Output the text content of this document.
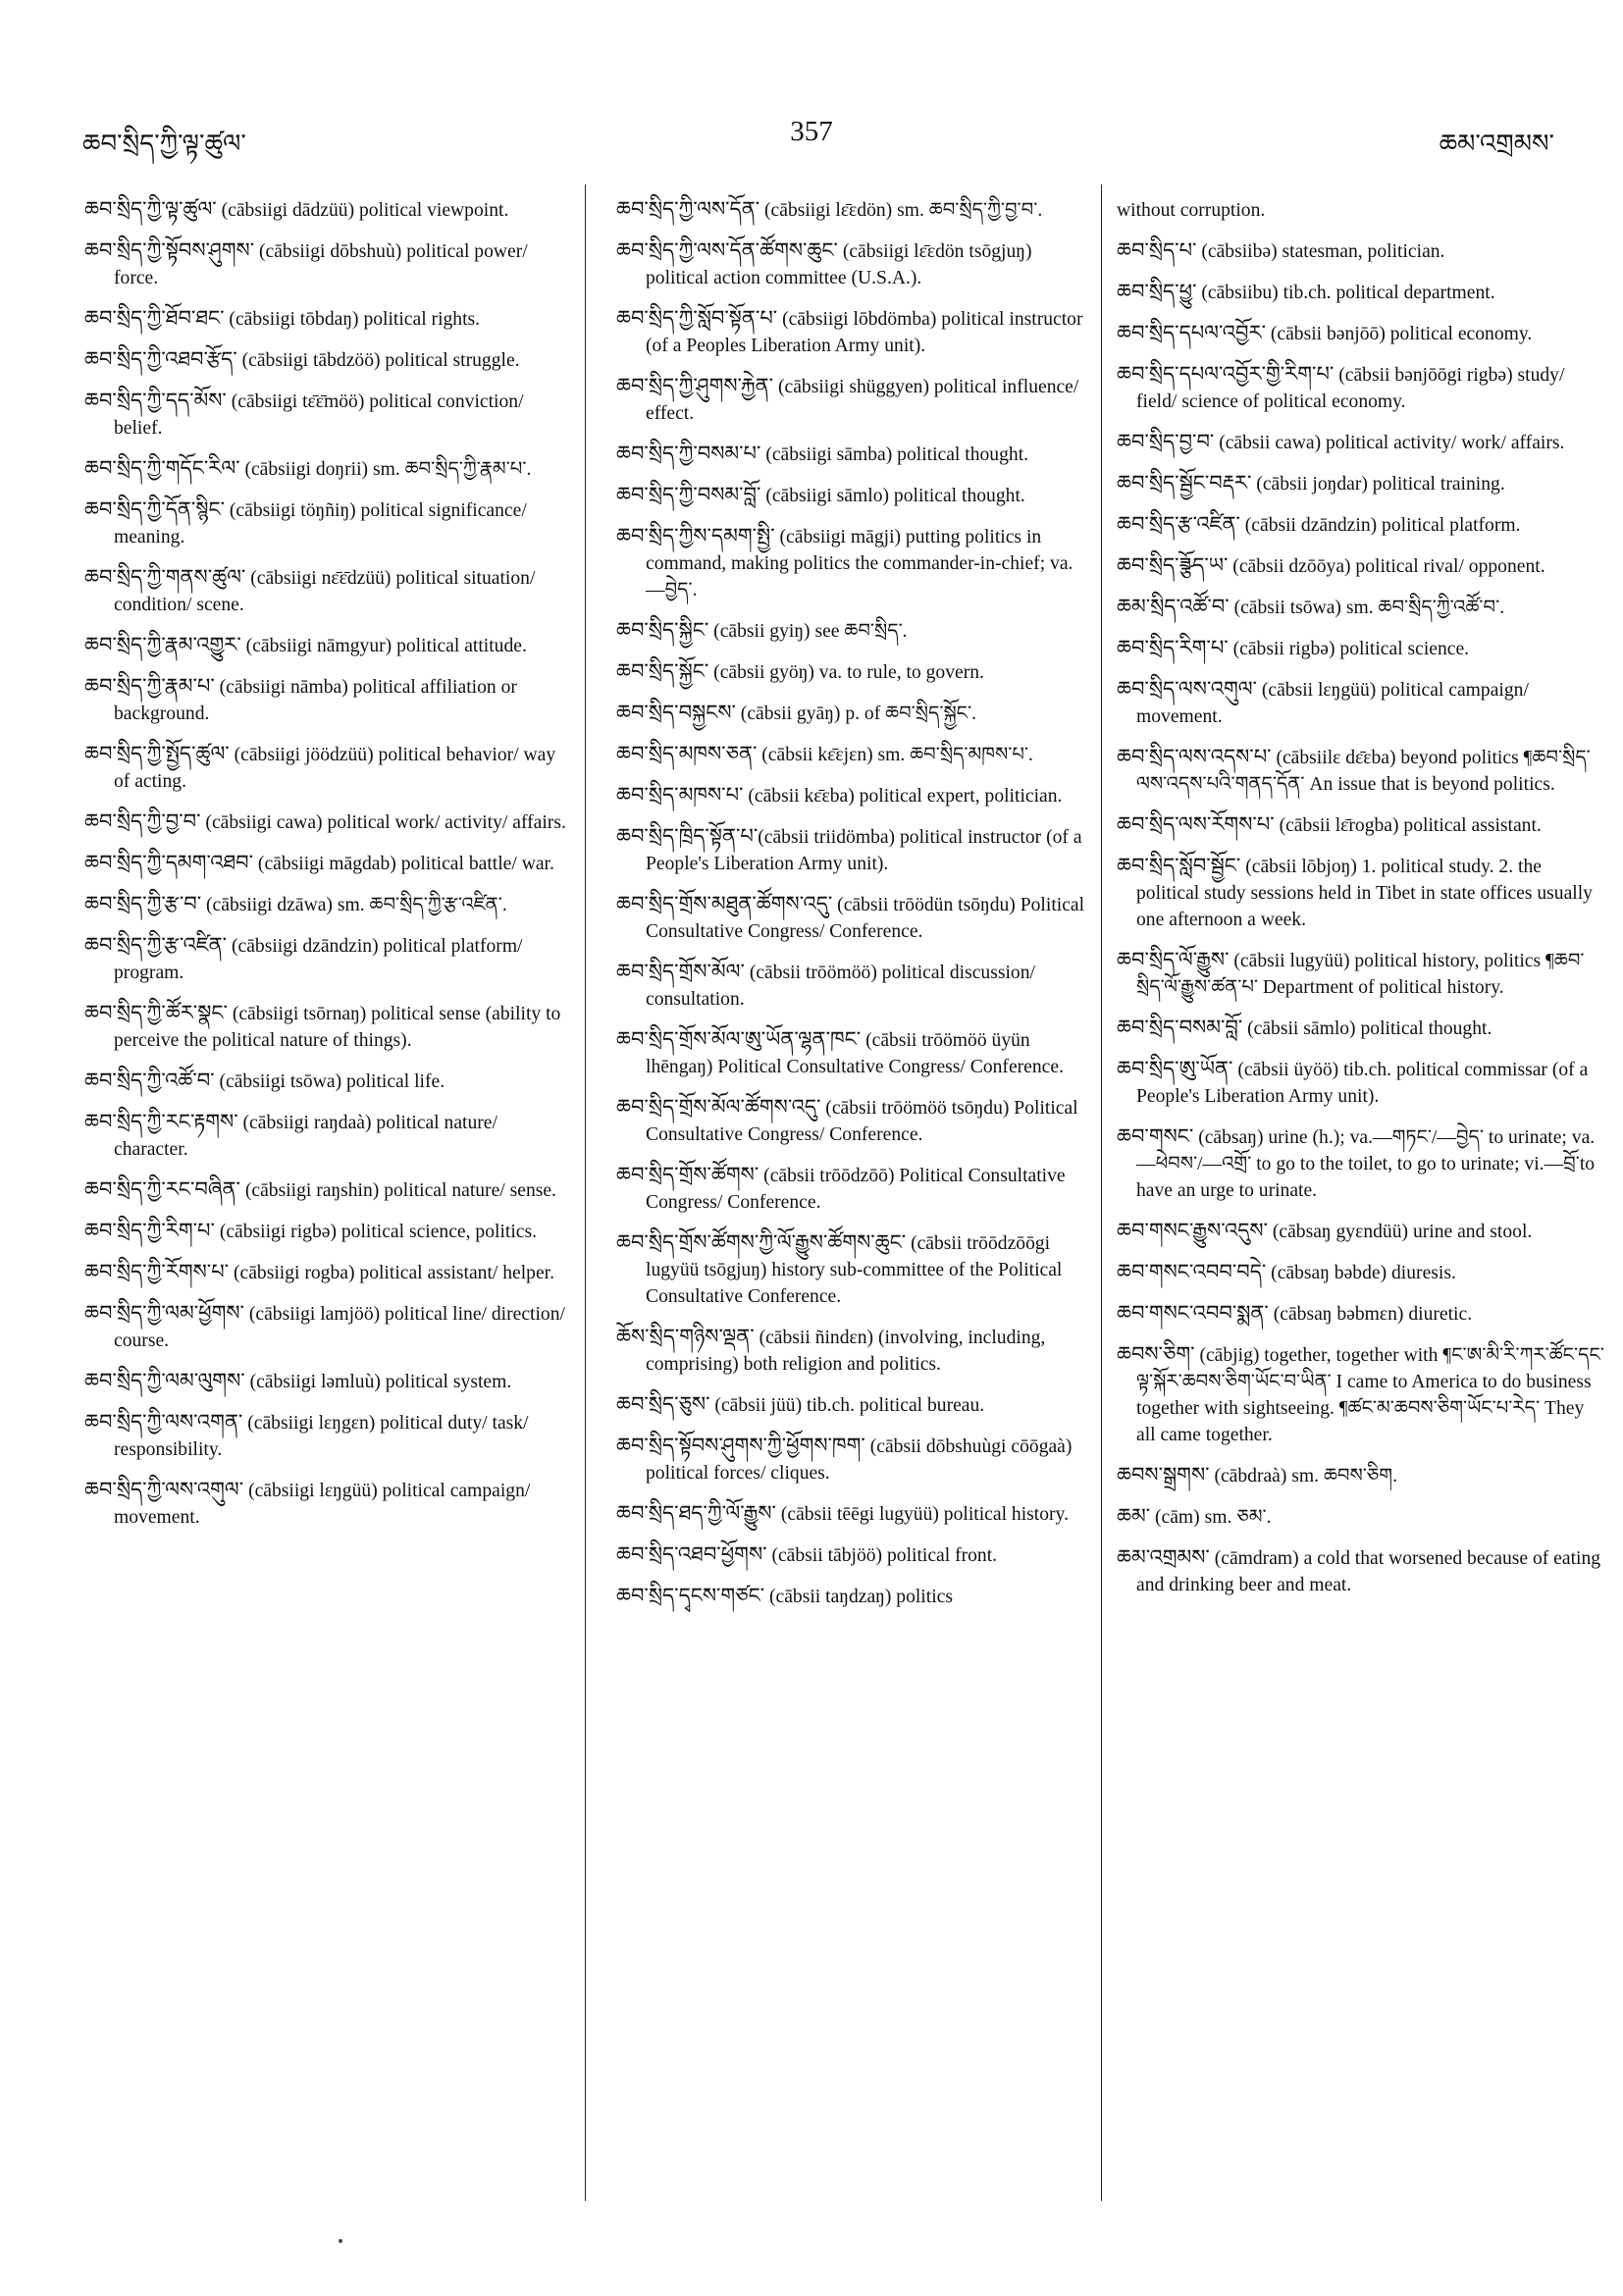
ཆབ་སྲིད་ཀྱི་ལྟ་ཚུལ་	357	ཆམ་འགྲམས་

ཆབ་སྲིད་ཀྱི་ལྟ་ཚུལ་ (cābsiigi dādzüü) political viewpoint.

ཆབ་སྲིད་ཀྱི་སྟོབས་ཤུགས་ (cābsiigi dōbshuù) political power/ force.

ཆབ་སྲིད་ཀྱི་ཐོབ་ཐང་ (cābsiigi tōbdaŋ) political rights.

ཆབ་སྲིད་ཀྱི་འཐབ་རྩོད་ (cābsiigi tābdzöö) political struggle.

ཆབ་སྲིད་ཀྱི་དད་མོས་ (cābsiigi tɛ̄ɛ̄möö) political conviction/ belief.

ཆབ་སྲིད་ཀྱི་གདོང་རིལ་ (cābsiigi doŋrii) sm. ཆབ་སྲིད་ཀྱི་རྣམ་པ་.

ཆབ་སྲིད་ཀྱི་དོན་སྙིང་ (cābsiigi töŋñiŋ) political significance/ meaning.

ཆབ་སྲིད་ཀྱི་གནས་ཚུལ་ (cābsiigi nɛ̄ɛ̄dzüü) political situation/ condition/ scene.

ཆབ་སྲིད་ཀྱི་རྣམ་འགྱུར་ (cābsiigi nāmgyur) political attitude.

ཆབ་སྲིད་ཀྱི་རྣམ་པ་ (cābsiigi nāmba) political affiliation or background.

ཆབ་སྲིད་ཀྱི་སྤྱོད་ཚུལ་ (cābsiigi jöödzüü) political behavior/ way of acting.

ཆབ་སྲིད་ཀྱི་བྱ་བ་ (cābsiigi cawa) political work/ activity/ affairs.

ཆབ་སྲིད་ཀྱི་དམག་འཐབ་ (cābsiigi māgdab) political battle/ war.

ཆབ་སྲིད་ཀྱི་རྩ་བ་ (cābsiigi dzāwa) sm. ཆབ་སྲིད་ཀྱི་རྩ་འཛིན་.

ཆབ་སྲིད་ཀྱི་རྩ་འཛིན་ (cābsiigi dzāndzin) political platform/ program.

ཆབ་སྲིད་ཀྱི་ཚོར་སྣང་ (cābsiigi tsōrnaŋ) political sense (ability to perceive the political nature of things).

ཆབ་སྲིད་ཀྱི་འཚོ་བ་ (cābsiigi tsōwa) political life.

ཆབ་སྲིད་ཀྱི་རང་རྟགས་ (cābsiigi raŋdaà) political nature/ character.

ཆབ་སྲིད་ཀྱི་རང་བཞིན་ (cābsiigi raŋshin) political nature/ sense.

ཆབ་སྲིད་ཀྱི་རིག་པ་ (cābsiigi rigbə) political science, politics.

ཆབ་སྲིད་ཀྱི་རོགས་པ་ (cābsiigi rogba) political assistant/ helper.

ཆབ་སྲིད་ཀྱི་ལམ་ཕྱོགས་ (cābsiigi lamjöö) political line/ direction/ course.

ཆབ་སྲིད་ཀྱི་ལམ་ལུགས་ (cābsiigi ləmluù) political system.

ཆབ་སྲིད་ཀྱི་ལས་འགན་ (cābsiigi lɛŋgɛn) political duty/ task/ responsibility.

ཆབ་སྲིད་ཀྱི་ལས་འགུལ་ (cābsiigi lɛŋgüü) political campaign/ movement.

ཆབ་སྲིད་ཀྱི་ལས་དོན་ (cābsiigi lɛ̄ɛdön) sm. ཆབ་སྲིད་ཀྱི་བྱ་བ་.

ཆབ་སྲིད་ཀྱི་ལས་དོན་ཚོགས་ཆུང་ (cābsiigi lɛ̄ɛdön tsōgjuŋ) political action committee (U.S.A.).

ཆབ་སྲིད་ཀྱི་སློབ་སྟོན་པ་ (cābsiigi lōbdömba) political instructor (of a Peoples Liberation Army unit).

ཆབ་སྲིད་ཀྱི་ཤུགས་རྐྱེན་ (cābsiigi shüggyen) political influence/ effect.

ཆབ་སྲིད་ཀྱི་བསམ་པ་ (cābsiigi sāmba) political thought.

ཆབ་སྲིད་ཀྱི་བསམ་བློ་ (cābsiigi sāmlo) political thought.

ཆབ་སྲིད་ཀྱིས་དམག་སྤྱི་ (cābsiigi māgji) putting politics in command, making politics the commander-in-chief; va.—བྱེད་.

ཆབ་སྲིད་སྐྱིང་ (cābsii gyiŋ) see ཆབ་སྲིད་.

ཆབ་སྲིད་སྐྱོང་ (cābsii gyöŋ) va. to rule, to govern.

ཆབ་སྲིད་བསྐྱངས་ (cābsii gyāŋ) p. of ཆབ་སྲིད་སྐྱོང་.

ཆབ་སྲིད་མཁས་ཅན་ (cābsii kɛ̄ɛjɛn) sm. ཆབ་སྲིད་མཁས་པ་.

ཆབ་སྲིད་མཁས་པ་ (cābsii kɛ̄ɛba) political expert, politician.

ཆབ་སྲིད་ཁྲིད་སྟོན་པ་(cābsii triidömba) political instructor (of a People's Liberation Army unit).

ཆབ་སྲིད་གྲོས་མཐུན་ཚོགས་འདུ་ (cābsii trōödün tsōŋdu) Political Consultative Congress/ Conference.

ཆབ་སྲིད་གྲོས་མོལ་ (cābsii trōömöö) political discussion/ consultation.

ཆབ་སྲིད་གྲོས་མོལ་ཨུ་ཡོན་ལྷན་ཁང་ (cābsii trōömöö üyün lhēngaŋ) Political Consultative Congress/ Conference.

ཆབ་སྲིད་གྲོས་མོལ་ཚོགས་འདུ་ (cābsii trōömöö tsōŋdu) Political Consultative Congress/ Conference.

ཆབ་སྲིད་གྲོས་ཚོགས་ (cābsii trōōdzōō) Political Consultative Congress/ Conference.

ཆབ་སྲིད་གྲོས་ཚོགས་ཀྱི་ལོ་རྒྱུས་ཚོགས་ཆུང་ (cābsii trōōdzōōgi lugyüü tsōgjuŋ) history sub-committee of the Political Consultative Conference.

ཆོས་སྲིད་གཉིས་ལྡན་ (cābsii ñindɛn) (involving, including, comprising) both religion and politics.

ཆབ་སྲིད་ཅུས་ (cābsii jüü) tib.ch. political bureau.

ཆབ་སྲིད་སྟོབས་ཤུགས་ཀྱི་ཕྱོགས་ཁག་ (cābsii dōbshuùgi cōōgaà) political forces/ cliques.

ཆབ་སྲིད་ཐད་ཀྱི་ལོ་རྒྱུས་ (cābsii tēēgi lugyüü) political history.

ཆབ་སྲིད་འཐབ་ཕྱོགས་ (cābsii tābjöö) political front.

ཆབ་སྲིད་དྭངས་གཙང་ (cābsii taŋdzaŋ) politics

without corruption.

ཆབ་སྲིད་པ་ (cābsiibə) statesman, politician.

ཆབ་སྲིད་ཕྱུ་ (cābsiibu) tib.ch. political department.

ཆབ་སྲིད་དཔལ་འབྱོར་ (cābsii bənjōō) political economy.

ཆབ་སྲིད་དཔལ་འབྱོར་གྱི་རིག་པ་ (cābsii bənjōōgi rigbə) study/ field/ science of political economy.

ཆབ་སྲིད་བྱ་བ་ (cābsii cawa) political activity/ work/ affairs.

ཆབ་སྲིད་སྦྱོང་བརྡར་ (cābsii joŋdar) political training.

ཆབ་སྲིད་རྩ་འཛིན་ (cābsii dzāndzin) political platform.

ཆབ་སྲིད་ཟྩོད་ཡ་ (cābsii dzōōya) political rival/ opponent.

ཆམ་སྲིད་འཚོ་བ་ (cābsii tsōwa) sm. ཆབ་སྲིད་ཀྱི་འཚོ་བ་.

ཆབ་སྲིད་རིག་པ་ (cābsii rigbə) political science.

ཆབ་སྲིད་ལས་འགུལ་ (cābsii lɛŋgüü) political campaign/ movement.

ཆབ་སྲིད་ལས་འདས་པ་ (cābsiilɛ dɛ̄ɛba) beyond politics ¶ཆབ་སྲིད་ལས་འདས་པའི་གནད་དོན་ An issue that is beyond politics.

ཆབ་སྲིད་ལས་རོགས་པ་ (cābsii lɛ̄rogba) political assistant.

ཆབ་སྲིད་སློབ་སྦྱོང་ (cābsii lōbjoŋ) 1. political study. 2. the political study sessions held in Tibet in state offices usually one afternoon a week.

ཆབ་སྲིད་ལོ་རྒྱུས་ (cābsii lugyüü) political history, politics ¶ཆབ་སྲིད་ལོ་རྒྱུས་ཚན་པ་ Department of political history.

ཆབ་སྲིད་བསམ་བློ་ (cābsii sāmlo) political thought.

ཆབ་སྲིད་ཨུ་ཡོན་ (cābsii üyöö) tib.ch. political commissar (of a People's Liberation Army unit).

ཆབ་གསང་ (cābsaŋ) urine (h.); va.—གཏང་/—བྱེད་ to urinate; va.—ཕེབས་/—འགྲོ་ to go to the toilet, to go to urinate; vi.—བྲོ་to have an urge to urinate.

ཆབ་གསང་རྒྱུས་འདུས་ (cābsaŋ gyɛndüü) urine and stool.

ཆབ་གསང་འབབ་བདེ་ (cābsaŋ bəbde) diuresis.

ཆབ་གསང་འབབ་སྨན་ (cābsaŋ bəbmɛn) diuretic.

ཆབས་ཅིག་ (cābjig) together, together with ¶ང་ཨ་མི་རི་ཀར་ཚོང་དང་ལྟ་སྐོར་ཆབས་ཅིག་ཡོང་བ་ཡིན་ I came to America to do business together with sightseeing. ¶ཚང་མ་ཆབས་ཅིག་ཡོང་པ་རེད་ They all came together.

ཆབས་སྒྲགས་ (cābdraà) sm. ཆབས་ཅིག.

ཆམ་ (cām) sm. ཅམ་.

ཆམ་འགྲམས་ (cāmdram) a cold that worsened because of eating and drinking beer and meat.
